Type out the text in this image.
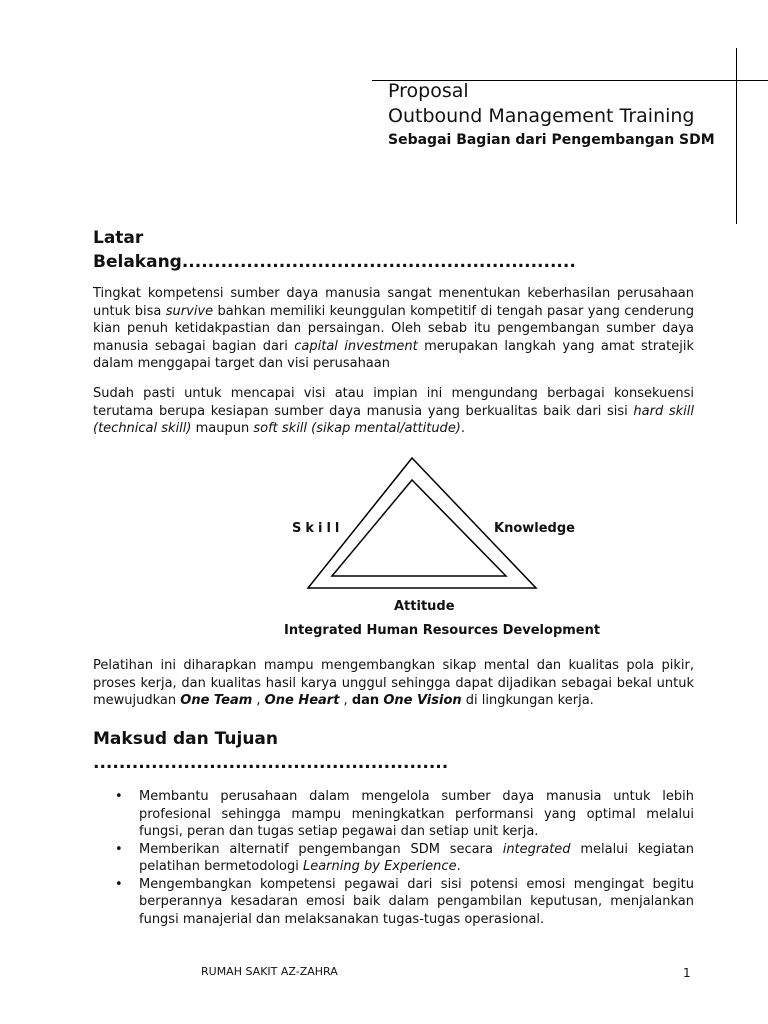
Proposal
Outbound Management Training
Sebagai Bagian dari Pengembangan SDM
Latar
Belakang.............................................................
Tingkat kompetensi sumber daya manusia sangat menentukan keberhasilan perusahaan untuk bisa survive bahkan memiliki keunggulan kompetitif di tengah pasar yang cenderung kian penuh ketidakpastian dan persaingan. Oleh sebab itu pengembangan sumber daya manusia sebagai bagian dari capital investment merupakan langkah yang amat stratejik dalam menggapai target dan visi perusahaan
Sudah pasti untuk mencapai visi atau impian ini mengundang berbagai konsekuensi terutama berupa kesiapan sumber daya manusia yang berkualitas baik dari sisi hard skill (technical skill) maupun soft skill (sikap mental/attitude).
Skill	Knowledge
Attitude
Integrated Human Resources Development
Pelatihan ini diharapkan mampu mengembangkan sikap mental dan kualitas pola pikir, proses kerja, dan kualitas hasil karya unggul sehingga dapat dijadikan sebagai bekal untuk mewujudkan One Team , One Heart , dan One Vision di lingkungan kerja.
Maksud dan Tujuan
.......................................................
• Membantu perusahaan dalam mengelola sumber daya manusia untuk lebih profesional sehingga mampu meningkatkan performansi yang optimal melalui fungsi, peran dan tugas setiap pegawai dan setiap unit kerja.
• Memberikan alternatif pengembangan SDM secara integrated melalui kegiatan pelatihan bermetodologi Learning by Experience.
• Mengembangkan kompetensi pegawai dari sisi potensi emosi mengingat begitu berperannya kesadaran emosi baik dalam pengambilan keputusan, menjalankan fungsi manajerial dan melaksanakan tugas-tugas operasional.
RUMAH SAKIT AZ-ZAHRA	1
